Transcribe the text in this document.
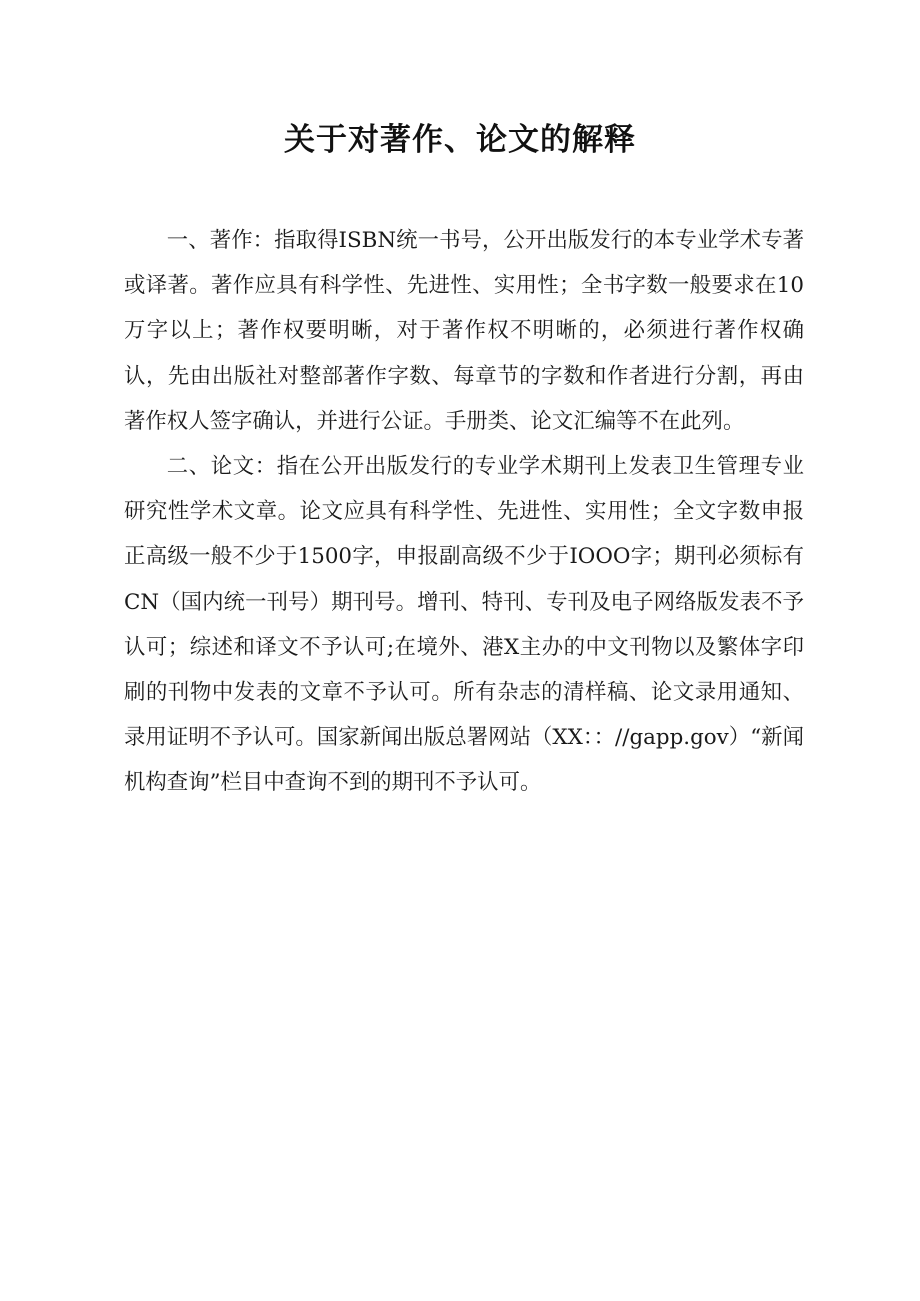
关于对著作、论文的解释

一、著作：指取得ISBN统一书号，公开出版发行的本专业学术专著或译著。著作应具有科学性、先进性、实用性；全书字数一般要求在10万字以上；著作权要明晰，对于著作权不明晰的，必须进行著作权确认，先由出版社对整部著作字数、每章节的字数和作者进行分割，再由著作权人签字确认，并进行公证。手册类、论文汇编等不在此列。

二、论文：指在公开出版发行的专业学术期刊上发表卫生管理专业研究性学术文章。论文应具有科学性、先进性、实用性；全文字数申报正高级一般不少于1500字，申报副高级不少于IOOO字；期刊必须标有CN（国内统一刊号）期刊号。增刊、特刊、专刊及电子网络版发表不予认可；综述和译文不予认可;在境外、港X主办的中文刊物以及繁体字印刷的刊物中发表的文章不予认可。所有杂志的清样稿、论文录用通知、录用证明不予认可。国家新闻出版总署网站（XX：：//gapp.gov）“新闻机构查询”栏目中查询不到的期刊不予认可。
